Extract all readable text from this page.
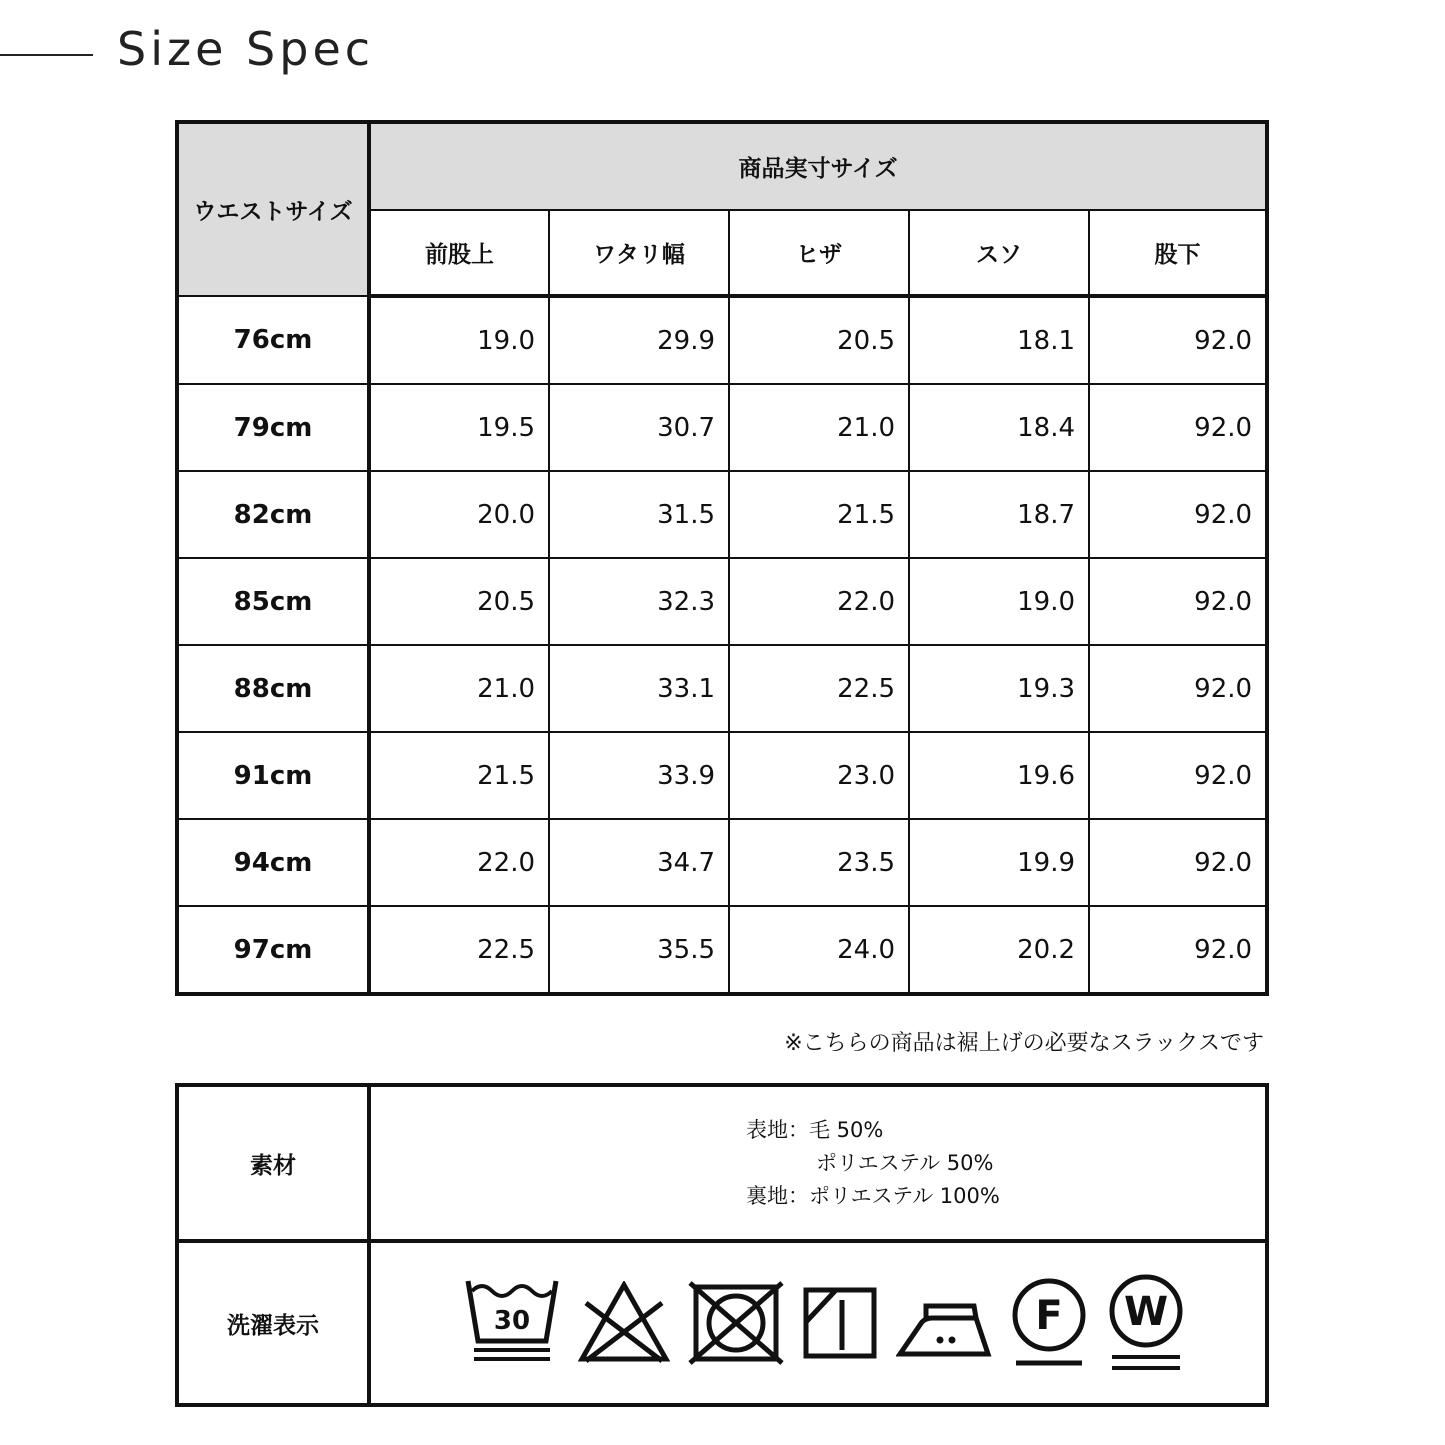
Size Spec
ウエストサイズ	商品実寸サイズ				
	前股上	ワタリ幅	ヒザ	スソ	股下
76cm	19.0	29.9	20.5	18.1	92.0
79cm	19.5	30.7	21.0	18.4	92.0
82cm	20.0	31.5	21.5	18.7	92.0
85cm	20.5	32.3	22.0	19.0	92.0
88cm	21.0	33.1	22.5	19.3	92.0
91cm	21.5	33.9	23.0	19.6	92.0
94cm	22.0	34.7	23.5	19.9	92.0
97cm	22.5	35.5	24.0	20.2	92.0
※こちらの商品は裾上げの必要なスラックスです
素材	表地：毛 50%
ポリエステル 50%
裏地：ポリエステル 100%

洗濯表示	30 F W
